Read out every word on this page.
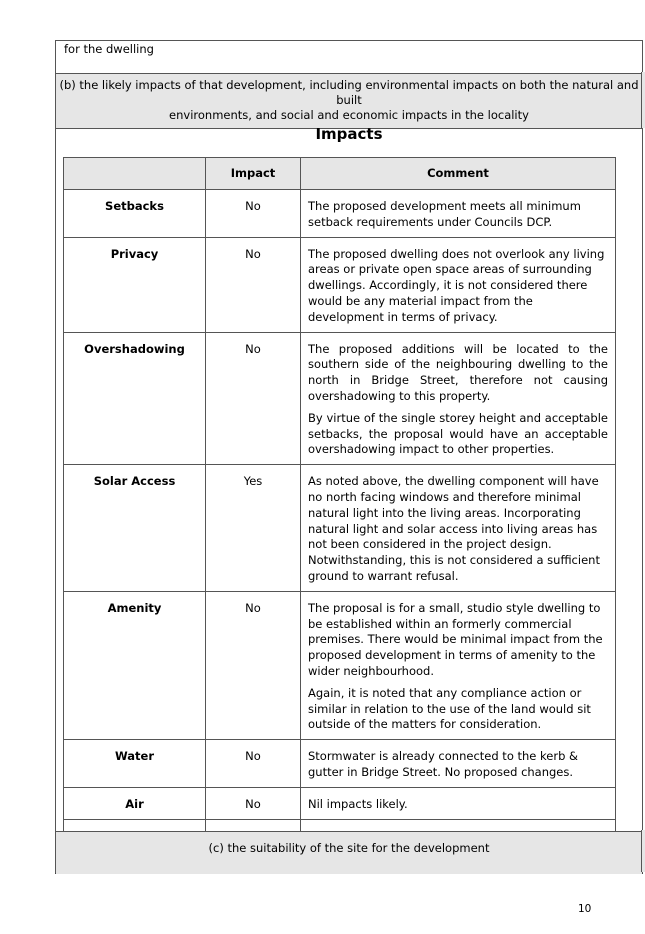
for the dwelling
(b) the likely impacts of that development, including environmental impacts on both the natural and built
environments, and social and economic impacts in the locality
Impacts
	Impact	Comment
Setbacks	No	The proposed development meets all minimum setback requirements under Councils DCP.

Privacy	No	The proposed dwelling does not overlook any living areas or private open space areas of surrounding dwellings. Accordingly, it is not considered there would be any material impact from the development in terms of privacy.

Overshadowing	No	The proposed additions will be located to the southern side of the neighbouring dwelling to the north in Bridge Street, therefore not causing overshadowing to this property.

By virtue of the single storey height and acceptable setbacks, the proposal would have an acceptable overshadowing impact to other properties.

Solar Access	Yes	As noted above, the dwelling component will have no north facing windows and therefore minimal natural light into the living areas. Incorporating natural light and solar access into living areas has not been considered in the project design. Notwithstanding, this is not considered a sufficient ground to warrant refusal.

Amenity	No	The proposal is for a small, studio style dwelling to be established within an formerly commercial premises. There would be minimal impact from the proposed development in terms of amenity to the wider neighbourhood.

Again, it is noted that any compliance action or similar in relation to the use of the land would sit outside of the matters for consideration.

Water	No	Stormwater is already connected to the kerb & gutter in Bridge Street. No proposed changes.

Air	No	Nil impacts likely.

(c) the suitability of the site for the development
10
